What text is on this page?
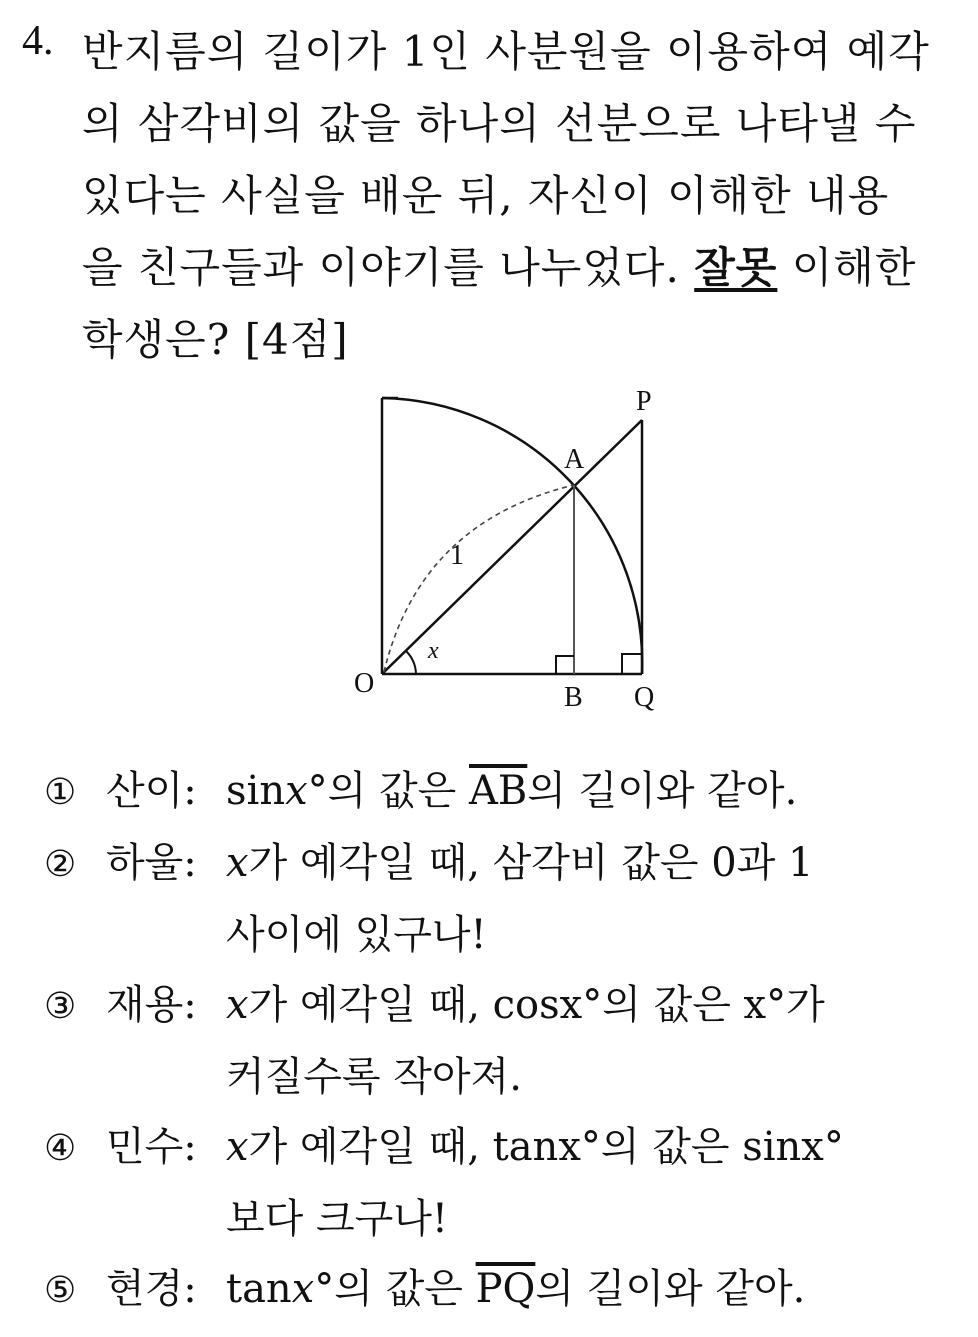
4. 반지름의 길이가 1인 사분원을 이용하여 예각
의 삼각비의 값을 하나의 선분으로 나타낼 수
있다는 사실을 배운 뒤, 자신이 이해한 내용
을 친구들과 이야기를 나누었다. 잘못 이해한
학생은? [4점]
O
A
B
P
Q
1
x
① 산이: sinx°의 값은 $\overline{AB}$의 길이와 같아.
② 하울: x가 예각일 때, 삼각비 값은 0과 1
사이에 있구나!
③ 재용: x가 예각일 때, cosx°의 값은 x°가
커질수록 작아져.
④ 민수: x가 예각일 때, tanx°의 값은 sinx°
보다 크구나!
⑤ 현경: tanx°의 값은 $\overline{PQ}$의 길이와 같아.
